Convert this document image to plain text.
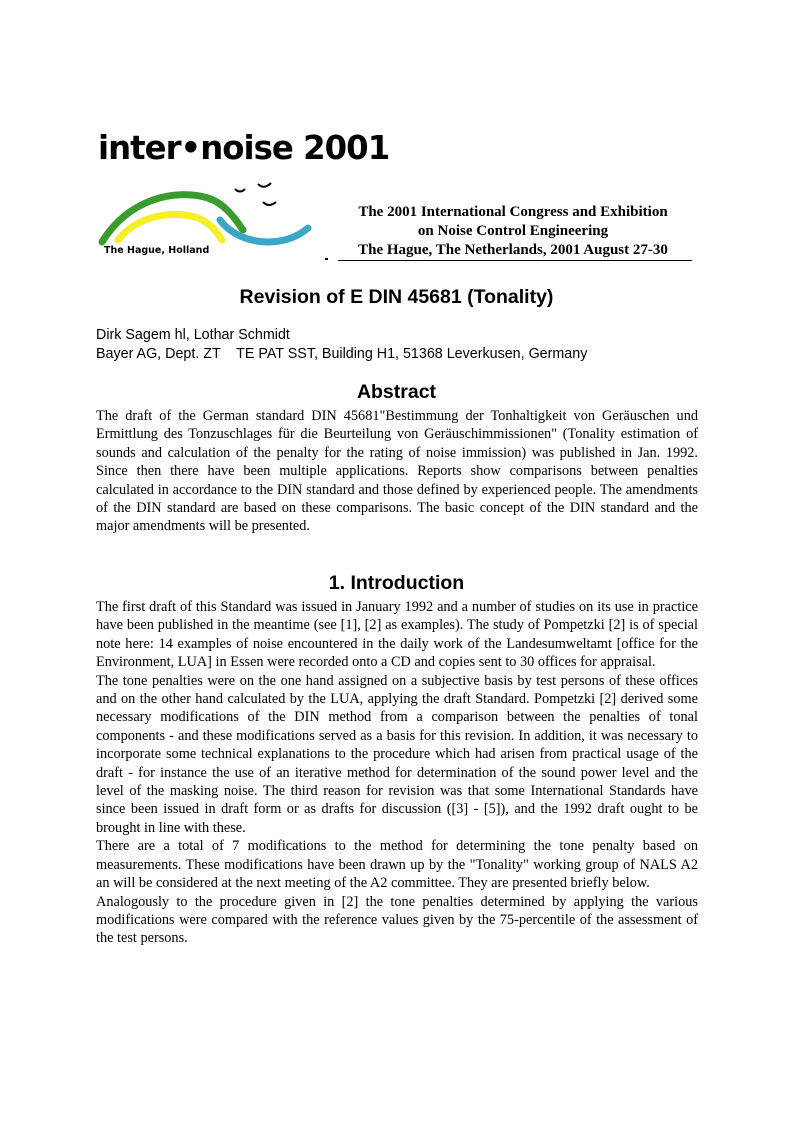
inter•noise 2001
The Hague, Holland
The 2001 International Congress and Exhibition
on Noise Control Engineering
The Hague, The Netherlands, 2001 August 27-30
Revision of E DIN 45681 (Tonality)
Dirk Sagem hl, Lothar Schmidt
Bayer AG, Dept. ZT    TE PAT SST, Building H1, 51368 Leverkusen, Germany
Abstract

The draft of the German standard DIN 45681"Bestimmung der Tonhaltigkeit von Geräuschen und Ermittlung des Tonzuschlages für die Beurteilung von Geräuschimmissionen" (Tonality estimation of sounds and calculation of the penalty for the rating of noise immission) was published in Jan. 1992. Since then there have been multiple applications. Reports show comparisons between penalties calculated in accordance to the DIN standard and those defined by experienced people. The amendments of the DIN standard are based on these comparisons. The basic concept of the DIN standard and the major amendments will be presented.

1. Introduction

The first draft of this Standard was issued in January 1992 and a number of studies on its use in practice have been published in the meantime (see [1], [2] as examples). The study of Pompetzki [2] is of special note here: 14 examples of noise encountered in the daily work of the Landesumweltamt [office for the Environment, LUA] in Essen were recorded onto a CD and copies sent to 30 offices for appraisal.

The tone penalties were on the one hand assigned on a subjective basis by test persons of these offices and on the other hand calculated by the LUA, applying the draft Standard. Pompetzki [2] derived some necessary modifications of the DIN method from a comparison between the penalties of tonal components - and these modifications served as a basis for this revision. In addition, it was necessary to incorporate some technical explanations to the procedure which had arisen from practical usage of the draft - for instance the use of an iterative method for determination of the sound power level and the level of the masking noise. The third reason for revision was that some International Standards have since been issued in draft form or as drafts for discussion ([3] - [5]), and the 1992 draft ought to be brought in line with these.

There are a total of 7 modifications to the method for determining the tone penalty based on measurements. These modifications have been drawn up by the "Tonality" working group of NALS A2 an will be considered at the next meeting of the A2 committee. They are presented briefly below.

Analogously to the procedure given in [2] the tone penalties determined by applying the various modifications were compared with the reference values given by the 75-percentile of the assessment of the test persons.
